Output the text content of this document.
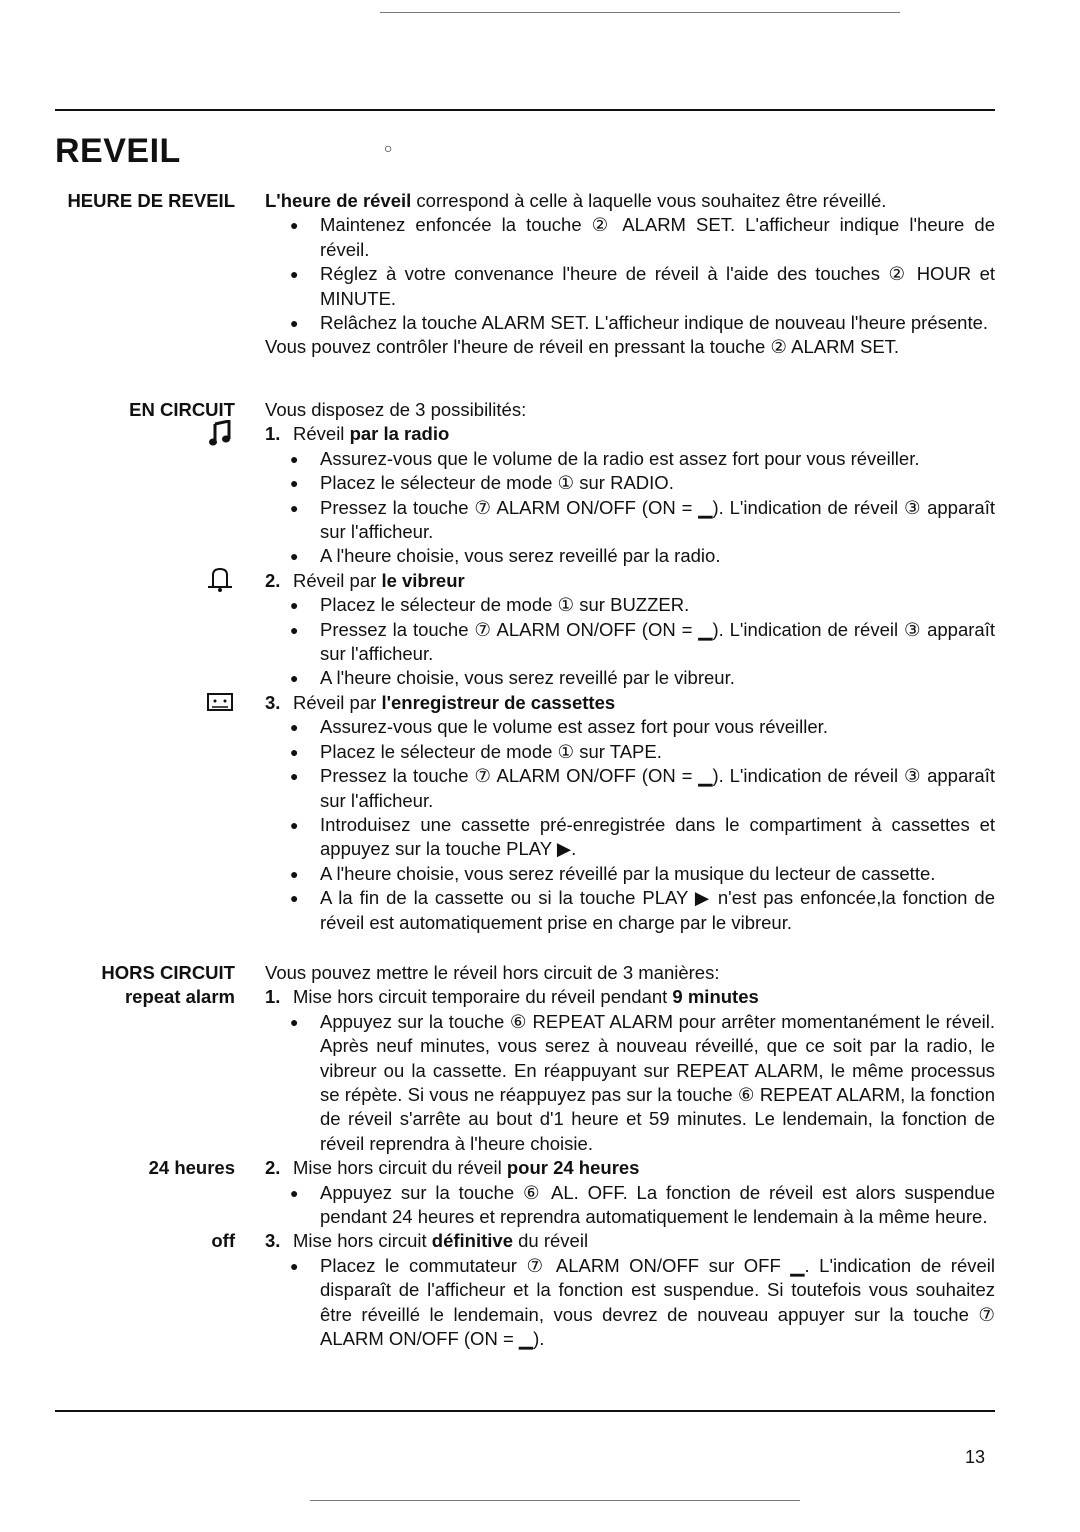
REVEIL	○
HEURE DE REVEIL L'heure de réveil correspond à celle à laquelle vous souhaitez être réveillé.
●	Maintenez enfoncée la touche ② ALARM SET. L'afficheur indique l'heure de réveil.
●	Réglez à votre convenance l'heure de réveil à l'aide des touches ② HOUR et MINUTE.
●	Relâchez la touche ALARM SET. L'afficheur indique de nouveau l'heure présente.
Vous pouvez contrôler l'heure de réveil en pressant la touche ② ALARM SET.
EN CIRCUIT Vous disposez de 3 possibilités:
1. Réveil par la radio
●	Assurez-vous que le volume de la radio est assez fort pour vous réveiller.
●	Placez le sélecteur de mode ① sur RADIO.
●	Pressez la touche ⑦ ALARM ON/OFF (ON = ▁). L'indication de réveil ③ apparaît sur l'afficheur.
●	A l'heure choisie, vous serez reveillé par la radio.
2. Réveil par le vibreur
●	Placez le sélecteur de mode ① sur BUZZER.
●	Pressez la touche ⑦ ALARM ON/OFF (ON = ▁). L'indication de réveil ③ apparaît sur l'afficheur.
●	A l'heure choisie, vous serez reveillé par le vibreur.
3. Réveil par l'enregistreur de cassettes
●	Assurez-vous que le volume est assez fort pour vous réveiller.
●	Placez le sélecteur de mode ① sur TAPE.
●	Pressez la touche ⑦ ALARM ON/OFF (ON = ▁). L'indication de réveil ③ apparaît sur l'afficheur.
●	Introduisez une cassette pré-enregistrée dans le compartiment à cassettes et appuyez sur la touche PLAY ▶.
●	A l'heure choisie, vous serez réveillé par la musique du lecteur de cassette.
●	A la fin de la cassette ou si la touche PLAY ▶ n'est pas enfoncée,la fonction de réveil est automatiquement prise en charge par le vibreur.
HORS CIRCUIT Vous pouvez mettre le réveil hors circuit de 3 manières:
repeat alarm 1. Mise hors circuit temporaire du réveil pendant 9 minutes
●	Appuyez sur la touche ⑥ REPEAT ALARM pour arrêter momentanément le réveil. Après neuf minutes, vous serez à nouveau réveillé, que ce soit par la radio, le vibreur ou la cassette. En réappuyant sur REPEAT ALARM, le même processus se répète. Si vous ne réappuyez pas sur la touche ⑥ REPEAT ALARM, la fonction de réveil s'arrête au bout d'1 heure et 59 minutes. Le lendemain, la fonction de réveil reprendra à l'heure choisie.
24 heures 2. Mise hors circuit du réveil pour 24 heures
●	Appuyez sur la touche ⑥ AL. OFF. La fonction de réveil est alors suspendue pendant 24 heures et reprendra automatiquement le lendemain à la même heure.
off 3. Mise hors circuit définitive du réveil
●	Placez le commutateur ⑦ ALARM ON/OFF sur OFF ▁. L'indication de réveil disparaît de l'afficheur et la fonction est suspendue. Si toutefois vous souhaitez être réveillé le lendemain, vous devrez de nouveau appuyer sur la touche ⑦ ALARM ON/OFF (ON = ▁).
13
